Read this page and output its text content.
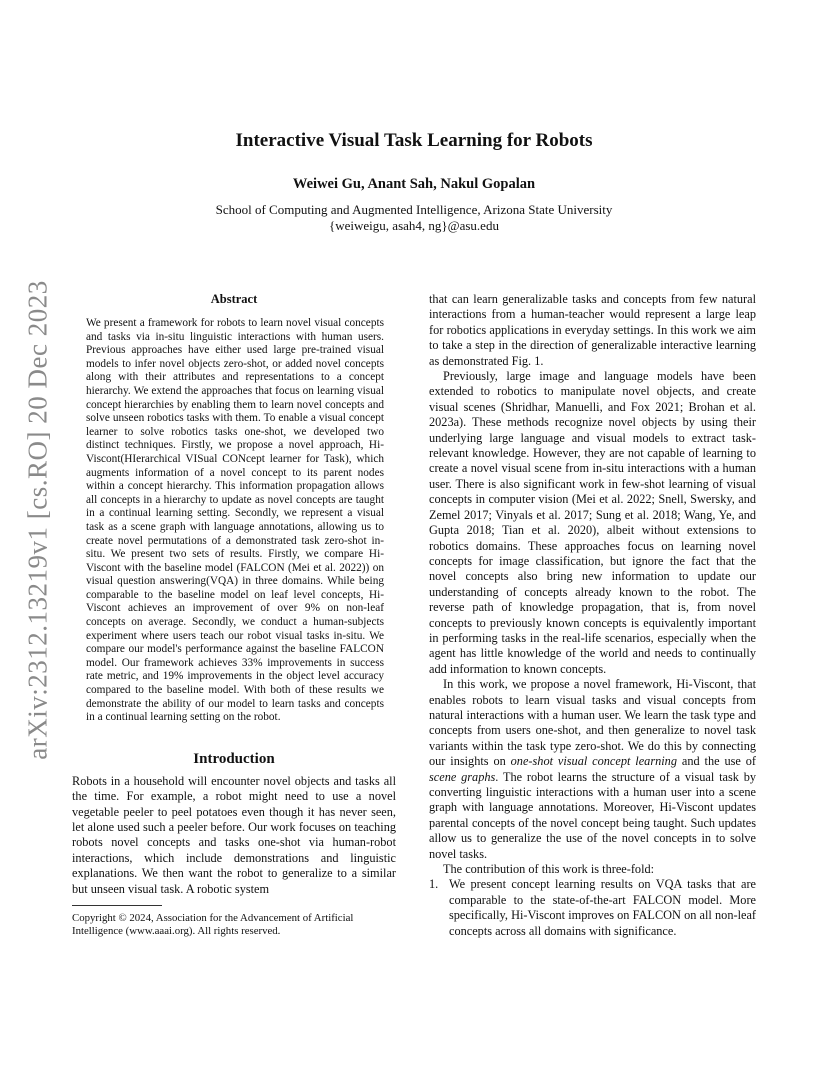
arXiv:2312.13219v1 [cs.RO] 20 Dec 2023
Interactive Visual Task Learning for Robots
Weiwei Gu, Anant Sah, Nakul Gopalan
School of Computing and Augmented Intelligence, Arizona State University
{weiweigu, asah4, ng}@asu.edu
Abstract

We present a framework for robots to learn novel visual concepts and tasks via in-situ linguistic interactions with human users. Previous approaches have either used large pre-trained visual models to infer novel objects zero-shot, or added novel concepts along with their attributes and representations to a concept hierarchy. We extend the approaches that focus on learning visual concept hierarchies by enabling them to learn novel concepts and solve unseen robotics tasks with them. To enable a visual concept learner to solve robotics tasks one-shot, we developed two distinct techniques. Firstly, we propose a novel approach, Hi-Viscont(HIerarchical VISual CONcept learner for Task), which augments information of a novel concept to its parent nodes within a concept hierarchy. This information propagation allows all concepts in a hierarchy to update as novel concepts are taught in a continual learning setting. Secondly, we represent a visual task as a scene graph with language annotations, allowing us to create novel permutations of a demonstrated task zero-shot in-situ. We present two sets of results. Firstly, we compare Hi-Viscont with the baseline model (FALCON (Mei et al. 2022)) on visual question answering(VQA) in three domains. While being comparable to the baseline model on leaf level concepts, Hi-Viscont achieves an improvement of over 9% on non-leaf concepts on average. Secondly, we conduct a human-subjects experiment where users teach our robot visual tasks in-situ. We compare our model's performance against the baseline FALCON model. Our framework achieves 33% improvements in success rate metric, and 19% improvements in the object level accuracy compared to the baseline model. With both of these results we demonstrate the ability of our model to learn tasks and concepts in a continual learning setting on the robot.

Introduction

Robots in a household will encounter novel objects and tasks all the time. For example, a robot might need to use a novel vegetable peeler to peel potatoes even though it has never seen, let alone used such a peeler before. Our work focuses on teaching robots novel concepts and tasks one-shot via human-robot interactions, which include demonstrations and linguistic explanations. We then want the robot to generalize to a similar but unseen visual task. A robotic system

Copyright © 2024, Association for the Advancement of Artificial Intelligence (www.aaai.org). All rights reserved.

that can learn generalizable tasks and concepts from few natural interactions from a human-teacher would represent a large leap for robotics applications in everyday settings. In this work we aim to take a step in the direction of generalizable interactive learning as demonstrated Fig. 1.

Previously, large image and language models have been extended to robotics to manipulate novel objects, and create visual scenes (Shridhar, Manuelli, and Fox 2021; Brohan et al. 2023a). These methods recognize novel objects by using their underlying large language and visual models to extract task-relevant knowledge. However, they are not capable of learning to create a novel visual scene from in-situ interactions with a human user. There is also significant work in few-shot learning of visual concepts in computer vision (Mei et al. 2022; Snell, Swersky, and Zemel 2017; Vinyals et al. 2017; Sung et al. 2018; Wang, Ye, and Gupta 2018; Tian et al. 2020), albeit without extensions to robotics domains. These approaches focus on learning novel concepts for image classification, but ignore the fact that the novel concepts also bring new information to update our understanding of concepts already known to the robot. The reverse path of knowledge propagation, that is, from novel concepts to previously known concepts is equivalently important in performing tasks in the real-life scenarios, especially when the agent has little knowledge of the world and needs to continually add information to known concepts.

In this work, we propose a novel framework, Hi-Viscont, that enables robots to learn visual tasks and visual concepts from natural interactions with a human user. We learn the task type and concepts from users one-shot, and then generalize to novel task variants within the task type zero-shot. We do this by connecting our insights on one-shot visual concept learning and the use of scene graphs. The robot learns the structure of a visual task by converting linguistic interactions with a human user into a scene graph with language annotations. Moreover, Hi-Viscont updates parental concepts of the novel concept being taught. Such updates allow us to generalize the use of the novel concepts in to solve novel tasks.

The contribution of this work is three-fold:

1. We present concept learning results on VQA tasks that are comparable to the state-of-the-art FALCON model. More specifically, Hi-Viscont improves on FALCON on all non-leaf concepts across all domains with significance.
